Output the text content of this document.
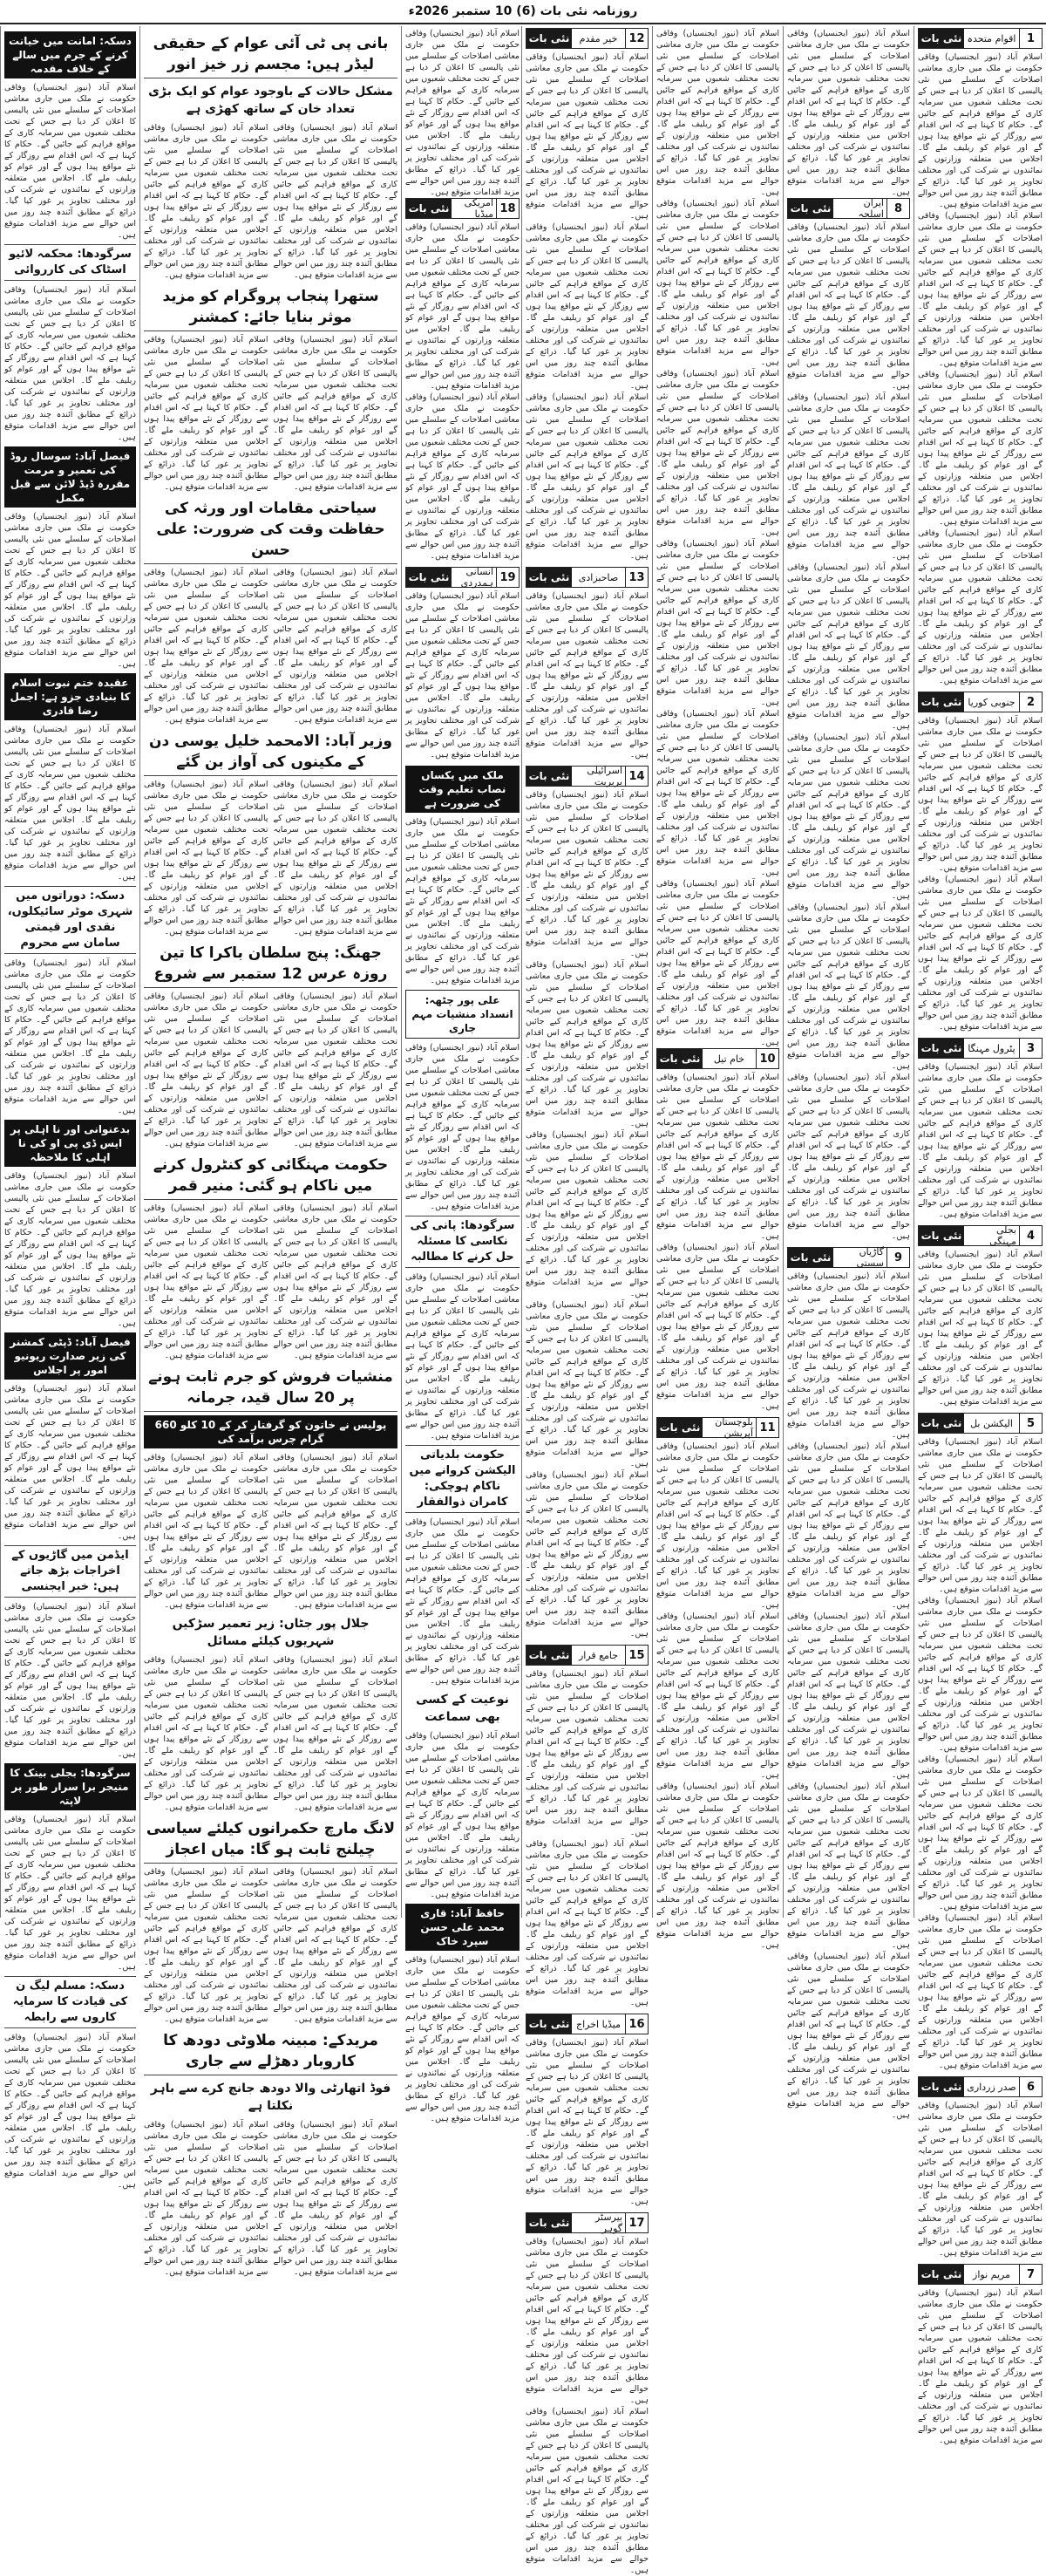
روزنامہ نئی بات (6) 10 ستمبر 2026ء
1
اقوام متحدہ
نئی بات
اسلام آباد (نیوز ایجنسیاں) وفاقی حکومت نے ملک میں جاری معاشی اصلاحات کے سلسلے میں نئی پالیسی کا اعلان کر دیا ہے جس کے تحت مختلف شعبوں میں سرمایہ کاری کے مواقع فراہم کیے جائیں گے۔ حکام کا کہنا ہے کہ اس اقدام سے روزگار کے نئے مواقع پیدا ہوں گے اور عوام کو ریلیف ملے گا۔ اجلاس میں متعلقہ وزارتوں کے نمائندوں نے شرکت کی اور مختلف تجاویز پر غور کیا گیا۔ ذرائع کے مطابق آئندہ چند روز میں اس حوالے سے مزید اقدامات متوقع ہیں۔
اسلام آباد (نیوز ایجنسیاں) وفاقی حکومت نے ملک میں جاری معاشی اصلاحات کے سلسلے میں نئی پالیسی کا اعلان کر دیا ہے جس کے تحت مختلف شعبوں میں سرمایہ کاری کے مواقع فراہم کیے جائیں گے۔ حکام کا کہنا ہے کہ اس اقدام سے روزگار کے نئے مواقع پیدا ہوں گے اور عوام کو ریلیف ملے گا۔ اجلاس میں متعلقہ وزارتوں کے نمائندوں نے شرکت کی اور مختلف تجاویز پر غور کیا گیا۔ ذرائع کے مطابق آئندہ چند روز میں اس حوالے سے مزید اقدامات متوقع ہیں۔
اسلام آباد (نیوز ایجنسیاں) وفاقی حکومت نے ملک میں جاری معاشی اصلاحات کے سلسلے میں نئی پالیسی کا اعلان کر دیا ہے جس کے تحت مختلف شعبوں میں سرمایہ کاری کے مواقع فراہم کیے جائیں گے۔ حکام کا کہنا ہے کہ اس اقدام سے روزگار کے نئے مواقع پیدا ہوں گے اور عوام کو ریلیف ملے گا۔ اجلاس میں متعلقہ وزارتوں کے نمائندوں نے شرکت کی اور مختلف تجاویز پر غور کیا گیا۔ ذرائع کے مطابق آئندہ چند روز میں اس حوالے سے مزید اقدامات متوقع ہیں۔
اسلام آباد (نیوز ایجنسیاں) وفاقی حکومت نے ملک میں جاری معاشی اصلاحات کے سلسلے میں نئی پالیسی کا اعلان کر دیا ہے جس کے تحت مختلف شعبوں میں سرمایہ کاری کے مواقع فراہم کیے جائیں گے۔ حکام کا کہنا ہے کہ اس اقدام سے روزگار کے نئے مواقع پیدا ہوں گے اور عوام کو ریلیف ملے گا۔ اجلاس میں متعلقہ وزارتوں کے نمائندوں نے شرکت کی اور مختلف تجاویز پر غور کیا گیا۔ ذرائع کے مطابق آئندہ چند روز میں اس حوالے سے مزید اقدامات متوقع ہیں۔
2
جنوبی کوریا
نئی بات
اسلام آباد (نیوز ایجنسیاں) وفاقی حکومت نے ملک میں جاری معاشی اصلاحات کے سلسلے میں نئی پالیسی کا اعلان کر دیا ہے جس کے تحت مختلف شعبوں میں سرمایہ کاری کے مواقع فراہم کیے جائیں گے۔ حکام کا کہنا ہے کہ اس اقدام سے روزگار کے نئے مواقع پیدا ہوں گے اور عوام کو ریلیف ملے گا۔ اجلاس میں متعلقہ وزارتوں کے نمائندوں نے شرکت کی اور مختلف تجاویز پر غور کیا گیا۔ ذرائع کے مطابق آئندہ چند روز میں اس حوالے سے مزید اقدامات متوقع ہیں۔
اسلام آباد (نیوز ایجنسیاں) وفاقی حکومت نے ملک میں جاری معاشی اصلاحات کے سلسلے میں نئی پالیسی کا اعلان کر دیا ہے جس کے تحت مختلف شعبوں میں سرمایہ کاری کے مواقع فراہم کیے جائیں گے۔ حکام کا کہنا ہے کہ اس اقدام سے روزگار کے نئے مواقع پیدا ہوں گے اور عوام کو ریلیف ملے گا۔ اجلاس میں متعلقہ وزارتوں کے نمائندوں نے شرکت کی اور مختلف تجاویز پر غور کیا گیا۔ ذرائع کے مطابق آئندہ چند روز میں اس حوالے سے مزید اقدامات متوقع ہیں۔
3
پٹرول مہنگا
نئی بات
اسلام آباد (نیوز ایجنسیاں) وفاقی حکومت نے ملک میں جاری معاشی اصلاحات کے سلسلے میں نئی پالیسی کا اعلان کر دیا ہے جس کے تحت مختلف شعبوں میں سرمایہ کاری کے مواقع فراہم کیے جائیں گے۔ حکام کا کہنا ہے کہ اس اقدام سے روزگار کے نئے مواقع پیدا ہوں گے اور عوام کو ریلیف ملے گا۔ اجلاس میں متعلقہ وزارتوں کے نمائندوں نے شرکت کی اور مختلف تجاویز پر غور کیا گیا۔ ذرائع کے مطابق آئندہ چند روز میں اس حوالے سے مزید اقدامات متوقع ہیں۔
4
بجلی مہنگی
نئی بات
اسلام آباد (نیوز ایجنسیاں) وفاقی حکومت نے ملک میں جاری معاشی اصلاحات کے سلسلے میں نئی پالیسی کا اعلان کر دیا ہے جس کے تحت مختلف شعبوں میں سرمایہ کاری کے مواقع فراہم کیے جائیں گے۔ حکام کا کہنا ہے کہ اس اقدام سے روزگار کے نئے مواقع پیدا ہوں گے اور عوام کو ریلیف ملے گا۔ اجلاس میں متعلقہ وزارتوں کے نمائندوں نے شرکت کی اور مختلف تجاویز پر غور کیا گیا۔ ذرائع کے مطابق آئندہ چند روز میں اس حوالے سے مزید اقدامات متوقع ہیں۔
5
الیکشن بل
نئی بات
اسلام آباد (نیوز ایجنسیاں) وفاقی حکومت نے ملک میں جاری معاشی اصلاحات کے سلسلے میں نئی پالیسی کا اعلان کر دیا ہے جس کے تحت مختلف شعبوں میں سرمایہ کاری کے مواقع فراہم کیے جائیں گے۔ حکام کا کہنا ہے کہ اس اقدام سے روزگار کے نئے مواقع پیدا ہوں گے اور عوام کو ریلیف ملے گا۔ اجلاس میں متعلقہ وزارتوں کے نمائندوں نے شرکت کی اور مختلف تجاویز پر غور کیا گیا۔ ذرائع کے مطابق آئندہ چند روز میں اس حوالے سے مزید اقدامات متوقع ہیں۔
اسلام آباد (نیوز ایجنسیاں) وفاقی حکومت نے ملک میں جاری معاشی اصلاحات کے سلسلے میں نئی پالیسی کا اعلان کر دیا ہے جس کے تحت مختلف شعبوں میں سرمایہ کاری کے مواقع فراہم کیے جائیں گے۔ حکام کا کہنا ہے کہ اس اقدام سے روزگار کے نئے مواقع پیدا ہوں گے اور عوام کو ریلیف ملے گا۔ اجلاس میں متعلقہ وزارتوں کے نمائندوں نے شرکت کی اور مختلف تجاویز پر غور کیا گیا۔ ذرائع کے مطابق آئندہ چند روز میں اس حوالے سے مزید اقدامات متوقع ہیں۔
اسلام آباد (نیوز ایجنسیاں) وفاقی حکومت نے ملک میں جاری معاشی اصلاحات کے سلسلے میں نئی پالیسی کا اعلان کر دیا ہے جس کے تحت مختلف شعبوں میں سرمایہ کاری کے مواقع فراہم کیے جائیں گے۔ حکام کا کہنا ہے کہ اس اقدام سے روزگار کے نئے مواقع پیدا ہوں گے اور عوام کو ریلیف ملے گا۔ اجلاس میں متعلقہ وزارتوں کے نمائندوں نے شرکت کی اور مختلف تجاویز پر غور کیا گیا۔ ذرائع کے مطابق آئندہ چند روز میں اس حوالے سے مزید اقدامات متوقع ہیں۔
اسلام آباد (نیوز ایجنسیاں) وفاقی حکومت نے ملک میں جاری معاشی اصلاحات کے سلسلے میں نئی پالیسی کا اعلان کر دیا ہے جس کے تحت مختلف شعبوں میں سرمایہ کاری کے مواقع فراہم کیے جائیں گے۔ حکام کا کہنا ہے کہ اس اقدام سے روزگار کے نئے مواقع پیدا ہوں گے اور عوام کو ریلیف ملے گا۔ اجلاس میں متعلقہ وزارتوں کے نمائندوں نے شرکت کی اور مختلف تجاویز پر غور کیا گیا۔ ذرائع کے مطابق آئندہ چند روز میں اس حوالے سے مزید اقدامات متوقع ہیں۔
6
صدر زرداری
نئی بات
اسلام آباد (نیوز ایجنسیاں) وفاقی حکومت نے ملک میں جاری معاشی اصلاحات کے سلسلے میں نئی پالیسی کا اعلان کر دیا ہے جس کے تحت مختلف شعبوں میں سرمایہ کاری کے مواقع فراہم کیے جائیں گے۔ حکام کا کہنا ہے کہ اس اقدام سے روزگار کے نئے مواقع پیدا ہوں گے اور عوام کو ریلیف ملے گا۔ اجلاس میں متعلقہ وزارتوں کے نمائندوں نے شرکت کی اور مختلف تجاویز پر غور کیا گیا۔ ذرائع کے مطابق آئندہ چند روز میں اس حوالے سے مزید اقدامات متوقع ہیں۔
7
مریم نواز
نئی بات
اسلام آباد (نیوز ایجنسیاں) وفاقی حکومت نے ملک میں جاری معاشی اصلاحات کے سلسلے میں نئی پالیسی کا اعلان کر دیا ہے جس کے تحت مختلف شعبوں میں سرمایہ کاری کے مواقع فراہم کیے جائیں گے۔ حکام کا کہنا ہے کہ اس اقدام سے روزگار کے نئے مواقع پیدا ہوں گے اور عوام کو ریلیف ملے گا۔ اجلاس میں متعلقہ وزارتوں کے نمائندوں نے شرکت کی اور مختلف تجاویز پر غور کیا گیا۔ ذرائع کے مطابق آئندہ چند روز میں اس حوالے سے مزید اقدامات متوقع ہیں۔
اسلام آباد (نیوز ایجنسیاں) وفاقی حکومت نے ملک میں جاری معاشی اصلاحات کے سلسلے میں نئی پالیسی کا اعلان کر دیا ہے جس کے تحت مختلف شعبوں میں سرمایہ کاری کے مواقع فراہم کیے جائیں گے۔ حکام کا کہنا ہے کہ اس اقدام سے روزگار کے نئے مواقع پیدا ہوں گے اور عوام کو ریلیف ملے گا۔ اجلاس میں متعلقہ وزارتوں کے نمائندوں نے شرکت کی اور مختلف تجاویز پر غور کیا گیا۔ ذرائع کے مطابق آئندہ چند روز میں اس حوالے سے مزید اقدامات متوقع ہیں۔
8
ایران اسلحہ
نئی بات
اسلام آباد (نیوز ایجنسیاں) وفاقی حکومت نے ملک میں جاری معاشی اصلاحات کے سلسلے میں نئی پالیسی کا اعلان کر دیا ہے جس کے تحت مختلف شعبوں میں سرمایہ کاری کے مواقع فراہم کیے جائیں گے۔ حکام کا کہنا ہے کہ اس اقدام سے روزگار کے نئے مواقع پیدا ہوں گے اور عوام کو ریلیف ملے گا۔ اجلاس میں متعلقہ وزارتوں کے نمائندوں نے شرکت کی اور مختلف تجاویز پر غور کیا گیا۔ ذرائع کے مطابق آئندہ چند روز میں اس حوالے سے مزید اقدامات متوقع ہیں۔
اسلام آباد (نیوز ایجنسیاں) وفاقی حکومت نے ملک میں جاری معاشی اصلاحات کے سلسلے میں نئی پالیسی کا اعلان کر دیا ہے جس کے تحت مختلف شعبوں میں سرمایہ کاری کے مواقع فراہم کیے جائیں گے۔ حکام کا کہنا ہے کہ اس اقدام سے روزگار کے نئے مواقع پیدا ہوں گے اور عوام کو ریلیف ملے گا۔ اجلاس میں متعلقہ وزارتوں کے نمائندوں نے شرکت کی اور مختلف تجاویز پر غور کیا گیا۔ ذرائع کے مطابق آئندہ چند روز میں اس حوالے سے مزید اقدامات متوقع ہیں۔
اسلام آباد (نیوز ایجنسیاں) وفاقی حکومت نے ملک میں جاری معاشی اصلاحات کے سلسلے میں نئی پالیسی کا اعلان کر دیا ہے جس کے تحت مختلف شعبوں میں سرمایہ کاری کے مواقع فراہم کیے جائیں گے۔ حکام کا کہنا ہے کہ اس اقدام سے روزگار کے نئے مواقع پیدا ہوں گے اور عوام کو ریلیف ملے گا۔ اجلاس میں متعلقہ وزارتوں کے نمائندوں نے شرکت کی اور مختلف تجاویز پر غور کیا گیا۔ ذرائع کے مطابق آئندہ چند روز میں اس حوالے سے مزید اقدامات متوقع ہیں۔
اسلام آباد (نیوز ایجنسیاں) وفاقی حکومت نے ملک میں جاری معاشی اصلاحات کے سلسلے میں نئی پالیسی کا اعلان کر دیا ہے جس کے تحت مختلف شعبوں میں سرمایہ کاری کے مواقع فراہم کیے جائیں گے۔ حکام کا کہنا ہے کہ اس اقدام سے روزگار کے نئے مواقع پیدا ہوں گے اور عوام کو ریلیف ملے گا۔ اجلاس میں متعلقہ وزارتوں کے نمائندوں نے شرکت کی اور مختلف تجاویز پر غور کیا گیا۔ ذرائع کے مطابق آئندہ چند روز میں اس حوالے سے مزید اقدامات متوقع ہیں۔
اسلام آباد (نیوز ایجنسیاں) وفاقی حکومت نے ملک میں جاری معاشی اصلاحات کے سلسلے میں نئی پالیسی کا اعلان کر دیا ہے جس کے تحت مختلف شعبوں میں سرمایہ کاری کے مواقع فراہم کیے جائیں گے۔ حکام کا کہنا ہے کہ اس اقدام سے روزگار کے نئے مواقع پیدا ہوں گے اور عوام کو ریلیف ملے گا۔ اجلاس میں متعلقہ وزارتوں کے نمائندوں نے شرکت کی اور مختلف تجاویز پر غور کیا گیا۔ ذرائع کے مطابق آئندہ چند روز میں اس حوالے سے مزید اقدامات متوقع ہیں۔
اسلام آباد (نیوز ایجنسیاں) وفاقی حکومت نے ملک میں جاری معاشی اصلاحات کے سلسلے میں نئی پالیسی کا اعلان کر دیا ہے جس کے تحت مختلف شعبوں میں سرمایہ کاری کے مواقع فراہم کیے جائیں گے۔ حکام کا کہنا ہے کہ اس اقدام سے روزگار کے نئے مواقع پیدا ہوں گے اور عوام کو ریلیف ملے گا۔ اجلاس میں متعلقہ وزارتوں کے نمائندوں نے شرکت کی اور مختلف تجاویز پر غور کیا گیا۔ ذرائع کے مطابق آئندہ چند روز میں اس حوالے سے مزید اقدامات متوقع ہیں۔
9
گاڑیاں سستی
نئی بات
اسلام آباد (نیوز ایجنسیاں) وفاقی حکومت نے ملک میں جاری معاشی اصلاحات کے سلسلے میں نئی پالیسی کا اعلان کر دیا ہے جس کے تحت مختلف شعبوں میں سرمایہ کاری کے مواقع فراہم کیے جائیں گے۔ حکام کا کہنا ہے کہ اس اقدام سے روزگار کے نئے مواقع پیدا ہوں گے اور عوام کو ریلیف ملے گا۔ اجلاس میں متعلقہ وزارتوں کے نمائندوں نے شرکت کی اور مختلف تجاویز پر غور کیا گیا۔ ذرائع کے مطابق آئندہ چند روز میں اس حوالے سے مزید اقدامات متوقع ہیں۔
اسلام آباد (نیوز ایجنسیاں) وفاقی حکومت نے ملک میں جاری معاشی اصلاحات کے سلسلے میں نئی پالیسی کا اعلان کر دیا ہے جس کے تحت مختلف شعبوں میں سرمایہ کاری کے مواقع فراہم کیے جائیں گے۔ حکام کا کہنا ہے کہ اس اقدام سے روزگار کے نئے مواقع پیدا ہوں گے اور عوام کو ریلیف ملے گا۔ اجلاس میں متعلقہ وزارتوں کے نمائندوں نے شرکت کی اور مختلف تجاویز پر غور کیا گیا۔ ذرائع کے مطابق آئندہ چند روز میں اس حوالے سے مزید اقدامات متوقع ہیں۔
اسلام آباد (نیوز ایجنسیاں) وفاقی حکومت نے ملک میں جاری معاشی اصلاحات کے سلسلے میں نئی پالیسی کا اعلان کر دیا ہے جس کے تحت مختلف شعبوں میں سرمایہ کاری کے مواقع فراہم کیے جائیں گے۔ حکام کا کہنا ہے کہ اس اقدام سے روزگار کے نئے مواقع پیدا ہوں گے اور عوام کو ریلیف ملے گا۔ اجلاس میں متعلقہ وزارتوں کے نمائندوں نے شرکت کی اور مختلف تجاویز پر غور کیا گیا۔ ذرائع کے مطابق آئندہ چند روز میں اس حوالے سے مزید اقدامات متوقع ہیں۔
اسلام آباد (نیوز ایجنسیاں) وفاقی حکومت نے ملک میں جاری معاشی اصلاحات کے سلسلے میں نئی پالیسی کا اعلان کر دیا ہے جس کے تحت مختلف شعبوں میں سرمایہ کاری کے مواقع فراہم کیے جائیں گے۔ حکام کا کہنا ہے کہ اس اقدام سے روزگار کے نئے مواقع پیدا ہوں گے اور عوام کو ریلیف ملے گا۔ اجلاس میں متعلقہ وزارتوں کے نمائندوں نے شرکت کی اور مختلف تجاویز پر غور کیا گیا۔ ذرائع کے مطابق آئندہ چند روز میں اس حوالے سے مزید اقدامات متوقع ہیں۔
اسلام آباد (نیوز ایجنسیاں) وفاقی حکومت نے ملک میں جاری معاشی اصلاحات کے سلسلے میں نئی پالیسی کا اعلان کر دیا ہے جس کے تحت مختلف شعبوں میں سرمایہ کاری کے مواقع فراہم کیے جائیں گے۔ حکام کا کہنا ہے کہ اس اقدام سے روزگار کے نئے مواقع پیدا ہوں گے اور عوام کو ریلیف ملے گا۔ اجلاس میں متعلقہ وزارتوں کے نمائندوں نے شرکت کی اور مختلف تجاویز پر غور کیا گیا۔ ذرائع کے مطابق آئندہ چند روز میں اس حوالے سے مزید اقدامات متوقع ہیں۔
اسلام آباد (نیوز ایجنسیاں) وفاقی حکومت نے ملک میں جاری معاشی اصلاحات کے سلسلے میں نئی پالیسی کا اعلان کر دیا ہے جس کے تحت مختلف شعبوں میں سرمایہ کاری کے مواقع فراہم کیے جائیں گے۔ حکام کا کہنا ہے کہ اس اقدام سے روزگار کے نئے مواقع پیدا ہوں گے اور عوام کو ریلیف ملے گا۔ اجلاس میں متعلقہ وزارتوں کے نمائندوں نے شرکت کی اور مختلف تجاویز پر غور کیا گیا۔ ذرائع کے مطابق آئندہ چند روز میں اس حوالے سے مزید اقدامات متوقع ہیں۔
اسلام آباد (نیوز ایجنسیاں) وفاقی حکومت نے ملک میں جاری معاشی اصلاحات کے سلسلے میں نئی پالیسی کا اعلان کر دیا ہے جس کے تحت مختلف شعبوں میں سرمایہ کاری کے مواقع فراہم کیے جائیں گے۔ حکام کا کہنا ہے کہ اس اقدام سے روزگار کے نئے مواقع پیدا ہوں گے اور عوام کو ریلیف ملے گا۔ اجلاس میں متعلقہ وزارتوں کے نمائندوں نے شرکت کی اور مختلف تجاویز پر غور کیا گیا۔ ذرائع کے مطابق آئندہ چند روز میں اس حوالے سے مزید اقدامات متوقع ہیں۔
اسلام آباد (نیوز ایجنسیاں) وفاقی حکومت نے ملک میں جاری معاشی اصلاحات کے سلسلے میں نئی پالیسی کا اعلان کر دیا ہے جس کے تحت مختلف شعبوں میں سرمایہ کاری کے مواقع فراہم کیے جائیں گے۔ حکام کا کہنا ہے کہ اس اقدام سے روزگار کے نئے مواقع پیدا ہوں گے اور عوام کو ریلیف ملے گا۔ اجلاس میں متعلقہ وزارتوں کے نمائندوں نے شرکت کی اور مختلف تجاویز پر غور کیا گیا۔ ذرائع کے مطابق آئندہ چند روز میں اس حوالے سے مزید اقدامات متوقع ہیں۔
اسلام آباد (نیوز ایجنسیاں) وفاقی حکومت نے ملک میں جاری معاشی اصلاحات کے سلسلے میں نئی پالیسی کا اعلان کر دیا ہے جس کے تحت مختلف شعبوں میں سرمایہ کاری کے مواقع فراہم کیے جائیں گے۔ حکام کا کہنا ہے کہ اس اقدام سے روزگار کے نئے مواقع پیدا ہوں گے اور عوام کو ریلیف ملے گا۔ اجلاس میں متعلقہ وزارتوں کے نمائندوں نے شرکت کی اور مختلف تجاویز پر غور کیا گیا۔ ذرائع کے مطابق آئندہ چند روز میں اس حوالے سے مزید اقدامات متوقع ہیں۔
اسلام آباد (نیوز ایجنسیاں) وفاقی حکومت نے ملک میں جاری معاشی اصلاحات کے سلسلے میں نئی پالیسی کا اعلان کر دیا ہے جس کے تحت مختلف شعبوں میں سرمایہ کاری کے مواقع فراہم کیے جائیں گے۔ حکام کا کہنا ہے کہ اس اقدام سے روزگار کے نئے مواقع پیدا ہوں گے اور عوام کو ریلیف ملے گا۔ اجلاس میں متعلقہ وزارتوں کے نمائندوں نے شرکت کی اور مختلف تجاویز پر غور کیا گیا۔ ذرائع کے مطابق آئندہ چند روز میں اس حوالے سے مزید اقدامات متوقع ہیں۔
اسلام آباد (نیوز ایجنسیاں) وفاقی حکومت نے ملک میں جاری معاشی اصلاحات کے سلسلے میں نئی پالیسی کا اعلان کر دیا ہے جس کے تحت مختلف شعبوں میں سرمایہ کاری کے مواقع فراہم کیے جائیں گے۔ حکام کا کہنا ہے کہ اس اقدام سے روزگار کے نئے مواقع پیدا ہوں گے اور عوام کو ریلیف ملے گا۔ اجلاس میں متعلقہ وزارتوں کے نمائندوں نے شرکت کی اور مختلف تجاویز پر غور کیا گیا۔ ذرائع کے مطابق آئندہ چند روز میں اس حوالے سے مزید اقدامات متوقع ہیں۔
10
خام تیل
نئی بات
اسلام آباد (نیوز ایجنسیاں) وفاقی حکومت نے ملک میں جاری معاشی اصلاحات کے سلسلے میں نئی پالیسی کا اعلان کر دیا ہے جس کے تحت مختلف شعبوں میں سرمایہ کاری کے مواقع فراہم کیے جائیں گے۔ حکام کا کہنا ہے کہ اس اقدام سے روزگار کے نئے مواقع پیدا ہوں گے اور عوام کو ریلیف ملے گا۔ اجلاس میں متعلقہ وزارتوں کے نمائندوں نے شرکت کی اور مختلف تجاویز پر غور کیا گیا۔ ذرائع کے مطابق آئندہ چند روز میں اس حوالے سے مزید اقدامات متوقع ہیں۔
اسلام آباد (نیوز ایجنسیاں) وفاقی حکومت نے ملک میں جاری معاشی اصلاحات کے سلسلے میں نئی پالیسی کا اعلان کر دیا ہے جس کے تحت مختلف شعبوں میں سرمایہ کاری کے مواقع فراہم کیے جائیں گے۔ حکام کا کہنا ہے کہ اس اقدام سے روزگار کے نئے مواقع پیدا ہوں گے اور عوام کو ریلیف ملے گا۔ اجلاس میں متعلقہ وزارتوں کے نمائندوں نے شرکت کی اور مختلف تجاویز پر غور کیا گیا۔ ذرائع کے مطابق آئندہ چند روز میں اس حوالے سے مزید اقدامات متوقع ہیں۔
11
بلوچستان آپریشن
نئی بات
اسلام آباد (نیوز ایجنسیاں) وفاقی حکومت نے ملک میں جاری معاشی اصلاحات کے سلسلے میں نئی پالیسی کا اعلان کر دیا ہے جس کے تحت مختلف شعبوں میں سرمایہ کاری کے مواقع فراہم کیے جائیں گے۔ حکام کا کہنا ہے کہ اس اقدام سے روزگار کے نئے مواقع پیدا ہوں گے اور عوام کو ریلیف ملے گا۔ اجلاس میں متعلقہ وزارتوں کے نمائندوں نے شرکت کی اور مختلف تجاویز پر غور کیا گیا۔ ذرائع کے مطابق آئندہ چند روز میں اس حوالے سے مزید اقدامات متوقع ہیں۔
اسلام آباد (نیوز ایجنسیاں) وفاقی حکومت نے ملک میں جاری معاشی اصلاحات کے سلسلے میں نئی پالیسی کا اعلان کر دیا ہے جس کے تحت مختلف شعبوں میں سرمایہ کاری کے مواقع فراہم کیے جائیں گے۔ حکام کا کہنا ہے کہ اس اقدام سے روزگار کے نئے مواقع پیدا ہوں گے اور عوام کو ریلیف ملے گا۔ اجلاس میں متعلقہ وزارتوں کے نمائندوں نے شرکت کی اور مختلف تجاویز پر غور کیا گیا۔ ذرائع کے مطابق آئندہ چند روز میں اس حوالے سے مزید اقدامات متوقع ہیں۔
اسلام آباد (نیوز ایجنسیاں) وفاقی حکومت نے ملک میں جاری معاشی اصلاحات کے سلسلے میں نئی پالیسی کا اعلان کر دیا ہے جس کے تحت مختلف شعبوں میں سرمایہ کاری کے مواقع فراہم کیے جائیں گے۔ حکام کا کہنا ہے کہ اس اقدام سے روزگار کے نئے مواقع پیدا ہوں گے اور عوام کو ریلیف ملے گا۔ اجلاس میں متعلقہ وزارتوں کے نمائندوں نے شرکت کی اور مختلف تجاویز پر غور کیا گیا۔ ذرائع کے مطابق آئندہ چند روز میں اس حوالے سے مزید اقدامات متوقع ہیں۔
12
خیر مقدم
نئی بات
اسلام آباد (نیوز ایجنسیاں) وفاقی حکومت نے ملک میں جاری معاشی اصلاحات کے سلسلے میں نئی پالیسی کا اعلان کر دیا ہے جس کے تحت مختلف شعبوں میں سرمایہ کاری کے مواقع فراہم کیے جائیں گے۔ حکام کا کہنا ہے کہ اس اقدام سے روزگار کے نئے مواقع پیدا ہوں گے اور عوام کو ریلیف ملے گا۔ اجلاس میں متعلقہ وزارتوں کے نمائندوں نے شرکت کی اور مختلف تجاویز پر غور کیا گیا۔ ذرائع کے مطابق آئندہ چند روز میں اس حوالے سے مزید اقدامات متوقع ہیں۔
اسلام آباد (نیوز ایجنسیاں) وفاقی حکومت نے ملک میں جاری معاشی اصلاحات کے سلسلے میں نئی پالیسی کا اعلان کر دیا ہے جس کے تحت مختلف شعبوں میں سرمایہ کاری کے مواقع فراہم کیے جائیں گے۔ حکام کا کہنا ہے کہ اس اقدام سے روزگار کے نئے مواقع پیدا ہوں گے اور عوام کو ریلیف ملے گا۔ اجلاس میں متعلقہ وزارتوں کے نمائندوں نے شرکت کی اور مختلف تجاویز پر غور کیا گیا۔ ذرائع کے مطابق آئندہ چند روز میں اس حوالے سے مزید اقدامات متوقع ہیں۔
اسلام آباد (نیوز ایجنسیاں) وفاقی حکومت نے ملک میں جاری معاشی اصلاحات کے سلسلے میں نئی پالیسی کا اعلان کر دیا ہے جس کے تحت مختلف شعبوں میں سرمایہ کاری کے مواقع فراہم کیے جائیں گے۔ حکام کا کہنا ہے کہ اس اقدام سے روزگار کے نئے مواقع پیدا ہوں گے اور عوام کو ریلیف ملے گا۔ اجلاس میں متعلقہ وزارتوں کے نمائندوں نے شرکت کی اور مختلف تجاویز پر غور کیا گیا۔ ذرائع کے مطابق آئندہ چند روز میں اس حوالے سے مزید اقدامات متوقع ہیں۔
13
صاحبزادی
نئی بات
اسلام آباد (نیوز ایجنسیاں) وفاقی حکومت نے ملک میں جاری معاشی اصلاحات کے سلسلے میں نئی پالیسی کا اعلان کر دیا ہے جس کے تحت مختلف شعبوں میں سرمایہ کاری کے مواقع فراہم کیے جائیں گے۔ حکام کا کہنا ہے کہ اس اقدام سے روزگار کے نئے مواقع پیدا ہوں گے اور عوام کو ریلیف ملے گا۔ اجلاس میں متعلقہ وزارتوں کے نمائندوں نے شرکت کی اور مختلف تجاویز پر غور کیا گیا۔ ذرائع کے مطابق آئندہ چند روز میں اس حوالے سے مزید اقدامات متوقع ہیں۔
14
اسرائیلی بربریت
نئی بات
اسلام آباد (نیوز ایجنسیاں) وفاقی حکومت نے ملک میں جاری معاشی اصلاحات کے سلسلے میں نئی پالیسی کا اعلان کر دیا ہے جس کے تحت مختلف شعبوں میں سرمایہ کاری کے مواقع فراہم کیے جائیں گے۔ حکام کا کہنا ہے کہ اس اقدام سے روزگار کے نئے مواقع پیدا ہوں گے اور عوام کو ریلیف ملے گا۔ اجلاس میں متعلقہ وزارتوں کے نمائندوں نے شرکت کی اور مختلف تجاویز پر غور کیا گیا۔ ذرائع کے مطابق آئندہ چند روز میں اس حوالے سے مزید اقدامات متوقع ہیں۔
اسلام آباد (نیوز ایجنسیاں) وفاقی حکومت نے ملک میں جاری معاشی اصلاحات کے سلسلے میں نئی پالیسی کا اعلان کر دیا ہے جس کے تحت مختلف شعبوں میں سرمایہ کاری کے مواقع فراہم کیے جائیں گے۔ حکام کا کہنا ہے کہ اس اقدام سے روزگار کے نئے مواقع پیدا ہوں گے اور عوام کو ریلیف ملے گا۔ اجلاس میں متعلقہ وزارتوں کے نمائندوں نے شرکت کی اور مختلف تجاویز پر غور کیا گیا۔ ذرائع کے مطابق آئندہ چند روز میں اس حوالے سے مزید اقدامات متوقع ہیں۔
اسلام آباد (نیوز ایجنسیاں) وفاقی حکومت نے ملک میں جاری معاشی اصلاحات کے سلسلے میں نئی پالیسی کا اعلان کر دیا ہے جس کے تحت مختلف شعبوں میں سرمایہ کاری کے مواقع فراہم کیے جائیں گے۔ حکام کا کہنا ہے کہ اس اقدام سے روزگار کے نئے مواقع پیدا ہوں گے اور عوام کو ریلیف ملے گا۔ اجلاس میں متعلقہ وزارتوں کے نمائندوں نے شرکت کی اور مختلف تجاویز پر غور کیا گیا۔ ذرائع کے مطابق آئندہ چند روز میں اس حوالے سے مزید اقدامات متوقع ہیں۔
اسلام آباد (نیوز ایجنسیاں) وفاقی حکومت نے ملک میں جاری معاشی اصلاحات کے سلسلے میں نئی پالیسی کا اعلان کر دیا ہے جس کے تحت مختلف شعبوں میں سرمایہ کاری کے مواقع فراہم کیے جائیں گے۔ حکام کا کہنا ہے کہ اس اقدام سے روزگار کے نئے مواقع پیدا ہوں گے اور عوام کو ریلیف ملے گا۔ اجلاس میں متعلقہ وزارتوں کے نمائندوں نے شرکت کی اور مختلف تجاویز پر غور کیا گیا۔ ذرائع کے مطابق آئندہ چند روز میں اس حوالے سے مزید اقدامات متوقع ہیں۔
اسلام آباد (نیوز ایجنسیاں) وفاقی حکومت نے ملک میں جاری معاشی اصلاحات کے سلسلے میں نئی پالیسی کا اعلان کر دیا ہے جس کے تحت مختلف شعبوں میں سرمایہ کاری کے مواقع فراہم کیے جائیں گے۔ حکام کا کہنا ہے کہ اس اقدام سے روزگار کے نئے مواقع پیدا ہوں گے اور عوام کو ریلیف ملے گا۔ اجلاس میں متعلقہ وزارتوں کے نمائندوں نے شرکت کی اور مختلف تجاویز پر غور کیا گیا۔ ذرائع کے مطابق آئندہ چند روز میں اس حوالے سے مزید اقدامات متوقع ہیں۔
15
جامع قرار
نئی بات
اسلام آباد (نیوز ایجنسیاں) وفاقی حکومت نے ملک میں جاری معاشی اصلاحات کے سلسلے میں نئی پالیسی کا اعلان کر دیا ہے جس کے تحت مختلف شعبوں میں سرمایہ کاری کے مواقع فراہم کیے جائیں گے۔ حکام کا کہنا ہے کہ اس اقدام سے روزگار کے نئے مواقع پیدا ہوں گے اور عوام کو ریلیف ملے گا۔ اجلاس میں متعلقہ وزارتوں کے نمائندوں نے شرکت کی اور مختلف تجاویز پر غور کیا گیا۔ ذرائع کے مطابق آئندہ چند روز میں اس حوالے سے مزید اقدامات متوقع ہیں۔
اسلام آباد (نیوز ایجنسیاں) وفاقی حکومت نے ملک میں جاری معاشی اصلاحات کے سلسلے میں نئی پالیسی کا اعلان کر دیا ہے جس کے تحت مختلف شعبوں میں سرمایہ کاری کے مواقع فراہم کیے جائیں گے۔ حکام کا کہنا ہے کہ اس اقدام سے روزگار کے نئے مواقع پیدا ہوں گے اور عوام کو ریلیف ملے گا۔ اجلاس میں متعلقہ وزارتوں کے نمائندوں نے شرکت کی اور مختلف تجاویز پر غور کیا گیا۔ ذرائع کے مطابق آئندہ چند روز میں اس حوالے سے مزید اقدامات متوقع ہیں۔
16
میڈیا اخراج
نئی بات
اسلام آباد (نیوز ایجنسیاں) وفاقی حکومت نے ملک میں جاری معاشی اصلاحات کے سلسلے میں نئی پالیسی کا اعلان کر دیا ہے جس کے تحت مختلف شعبوں میں سرمایہ کاری کے مواقع فراہم کیے جائیں گے۔ حکام کا کہنا ہے کہ اس اقدام سے روزگار کے نئے مواقع پیدا ہوں گے اور عوام کو ریلیف ملے گا۔ اجلاس میں متعلقہ وزارتوں کے نمائندوں نے شرکت کی اور مختلف تجاویز پر غور کیا گیا۔ ذرائع کے مطابق آئندہ چند روز میں اس حوالے سے مزید اقدامات متوقع ہیں۔
17
بیرسٹر گوہر
نئی بات
اسلام آباد (نیوز ایجنسیاں) وفاقی حکومت نے ملک میں جاری معاشی اصلاحات کے سلسلے میں نئی پالیسی کا اعلان کر دیا ہے جس کے تحت مختلف شعبوں میں سرمایہ کاری کے مواقع فراہم کیے جائیں گے۔ حکام کا کہنا ہے کہ اس اقدام سے روزگار کے نئے مواقع پیدا ہوں گے اور عوام کو ریلیف ملے گا۔ اجلاس میں متعلقہ وزارتوں کے نمائندوں نے شرکت کی اور مختلف تجاویز پر غور کیا گیا۔ ذرائع کے مطابق آئندہ چند روز میں اس حوالے سے مزید اقدامات متوقع ہیں۔
اسلام آباد (نیوز ایجنسیاں) وفاقی حکومت نے ملک میں جاری معاشی اصلاحات کے سلسلے میں نئی پالیسی کا اعلان کر دیا ہے جس کے تحت مختلف شعبوں میں سرمایہ کاری کے مواقع فراہم کیے جائیں گے۔ حکام کا کہنا ہے کہ اس اقدام سے روزگار کے نئے مواقع پیدا ہوں گے اور عوام کو ریلیف ملے گا۔ اجلاس میں متعلقہ وزارتوں کے نمائندوں نے شرکت کی اور مختلف تجاویز پر غور کیا گیا۔ ذرائع کے مطابق آئندہ چند روز میں اس حوالے سے مزید اقدامات متوقع ہیں۔
اسلام آباد (نیوز ایجنسیاں) وفاقی حکومت نے ملک میں جاری معاشی اصلاحات کے سلسلے میں نئی پالیسی کا اعلان کر دیا ہے جس کے تحت مختلف شعبوں میں سرمایہ کاری کے مواقع فراہم کیے جائیں گے۔ حکام کا کہنا ہے کہ اس اقدام سے روزگار کے نئے مواقع پیدا ہوں گے اور عوام کو ریلیف ملے گا۔ اجلاس میں متعلقہ وزارتوں کے نمائندوں نے شرکت کی اور مختلف تجاویز پر غور کیا گیا۔ ذرائع کے مطابق آئندہ چند روز میں اس حوالے سے مزید اقدامات متوقع ہیں۔
18
امریکی میڈیا
نئی بات
اسلام آباد (نیوز ایجنسیاں) وفاقی حکومت نے ملک میں جاری معاشی اصلاحات کے سلسلے میں نئی پالیسی کا اعلان کر دیا ہے جس کے تحت مختلف شعبوں میں سرمایہ کاری کے مواقع فراہم کیے جائیں گے۔ حکام کا کہنا ہے کہ اس اقدام سے روزگار کے نئے مواقع پیدا ہوں گے اور عوام کو ریلیف ملے گا۔ اجلاس میں متعلقہ وزارتوں کے نمائندوں نے شرکت کی اور مختلف تجاویز پر غور کیا گیا۔ ذرائع کے مطابق آئندہ چند روز میں اس حوالے سے مزید اقدامات متوقع ہیں۔
اسلام آباد (نیوز ایجنسیاں) وفاقی حکومت نے ملک میں جاری معاشی اصلاحات کے سلسلے میں نئی پالیسی کا اعلان کر دیا ہے جس کے تحت مختلف شعبوں میں سرمایہ کاری کے مواقع فراہم کیے جائیں گے۔ حکام کا کہنا ہے کہ اس اقدام سے روزگار کے نئے مواقع پیدا ہوں گے اور عوام کو ریلیف ملے گا۔ اجلاس میں متعلقہ وزارتوں کے نمائندوں نے شرکت کی اور مختلف تجاویز پر غور کیا گیا۔ ذرائع کے مطابق آئندہ چند روز میں اس حوالے سے مزید اقدامات متوقع ہیں۔
19
انسانی ہمدردی
نئی بات
اسلام آباد (نیوز ایجنسیاں) وفاقی حکومت نے ملک میں جاری معاشی اصلاحات کے سلسلے میں نئی پالیسی کا اعلان کر دیا ہے جس کے تحت مختلف شعبوں میں سرمایہ کاری کے مواقع فراہم کیے جائیں گے۔ حکام کا کہنا ہے کہ اس اقدام سے روزگار کے نئے مواقع پیدا ہوں گے اور عوام کو ریلیف ملے گا۔ اجلاس میں متعلقہ وزارتوں کے نمائندوں نے شرکت کی اور مختلف تجاویز پر غور کیا گیا۔ ذرائع کے مطابق آئندہ چند روز میں اس حوالے سے مزید اقدامات متوقع ہیں۔
ملک میں یکساں نصاب تعلیم وقت کی ضرورت ہے
اسلام آباد (نیوز ایجنسیاں) وفاقی حکومت نے ملک میں جاری معاشی اصلاحات کے سلسلے میں نئی پالیسی کا اعلان کر دیا ہے جس کے تحت مختلف شعبوں میں سرمایہ کاری کے مواقع فراہم کیے جائیں گے۔ حکام کا کہنا ہے کہ اس اقدام سے روزگار کے نئے مواقع پیدا ہوں گے اور عوام کو ریلیف ملے گا۔ اجلاس میں متعلقہ وزارتوں کے نمائندوں نے شرکت کی اور مختلف تجاویز پر غور کیا گیا۔ ذرائع کے مطابق آئندہ چند روز میں اس حوالے سے مزید اقدامات متوقع ہیں۔
علی پور چٹھہ: انسداد منشیات مہم جاری
اسلام آباد (نیوز ایجنسیاں) وفاقی حکومت نے ملک میں جاری معاشی اصلاحات کے سلسلے میں نئی پالیسی کا اعلان کر دیا ہے جس کے تحت مختلف شعبوں میں سرمایہ کاری کے مواقع فراہم کیے جائیں گے۔ حکام کا کہنا ہے کہ اس اقدام سے روزگار کے نئے مواقع پیدا ہوں گے اور عوام کو ریلیف ملے گا۔ اجلاس میں متعلقہ وزارتوں کے نمائندوں نے شرکت کی اور مختلف تجاویز پر غور کیا گیا۔ ذرائع کے مطابق آئندہ چند روز میں اس حوالے سے مزید اقدامات متوقع ہیں۔
سرگودھا: پانی کی نکاسی کا مسئلہ حل کرنے کا مطالبہ
اسلام آباد (نیوز ایجنسیاں) وفاقی حکومت نے ملک میں جاری معاشی اصلاحات کے سلسلے میں نئی پالیسی کا اعلان کر دیا ہے جس کے تحت مختلف شعبوں میں سرمایہ کاری کے مواقع فراہم کیے جائیں گے۔ حکام کا کہنا ہے کہ اس اقدام سے روزگار کے نئے مواقع پیدا ہوں گے اور عوام کو ریلیف ملے گا۔ اجلاس میں متعلقہ وزارتوں کے نمائندوں نے شرکت کی اور مختلف تجاویز پر غور کیا گیا۔ ذرائع کے مطابق آئندہ چند روز میں اس حوالے سے مزید اقدامات متوقع ہیں۔
حکومت بلدیاتی الیکشن کروانے میں ناکام ہوچکی: کامران ذوالفقار
اسلام آباد (نیوز ایجنسیاں) وفاقی حکومت نے ملک میں جاری معاشی اصلاحات کے سلسلے میں نئی پالیسی کا اعلان کر دیا ہے جس کے تحت مختلف شعبوں میں سرمایہ کاری کے مواقع فراہم کیے جائیں گے۔ حکام کا کہنا ہے کہ اس اقدام سے روزگار کے نئے مواقع پیدا ہوں گے اور عوام کو ریلیف ملے گا۔ اجلاس میں متعلقہ وزارتوں کے نمائندوں نے شرکت کی اور مختلف تجاویز پر غور کیا گیا۔ ذرائع کے مطابق آئندہ چند روز میں اس حوالے سے مزید اقدامات متوقع ہیں۔
نوعیت کے کسی بھی سماعت
اسلام آباد (نیوز ایجنسیاں) وفاقی حکومت نے ملک میں جاری معاشی اصلاحات کے سلسلے میں نئی پالیسی کا اعلان کر دیا ہے جس کے تحت مختلف شعبوں میں سرمایہ کاری کے مواقع فراہم کیے جائیں گے۔ حکام کا کہنا ہے کہ اس اقدام سے روزگار کے نئے مواقع پیدا ہوں گے اور عوام کو ریلیف ملے گا۔ اجلاس میں متعلقہ وزارتوں کے نمائندوں نے شرکت کی اور مختلف تجاویز پر غور کیا گیا۔ ذرائع کے مطابق آئندہ چند روز میں اس حوالے سے مزید اقدامات متوقع ہیں۔
حافظ آباد: قاری محمد علی حسن سپرد خاک
اسلام آباد (نیوز ایجنسیاں) وفاقی حکومت نے ملک میں جاری معاشی اصلاحات کے سلسلے میں نئی پالیسی کا اعلان کر دیا ہے جس کے تحت مختلف شعبوں میں سرمایہ کاری کے مواقع فراہم کیے جائیں گے۔ حکام کا کہنا ہے کہ اس اقدام سے روزگار کے نئے مواقع پیدا ہوں گے اور عوام کو ریلیف ملے گا۔ اجلاس میں متعلقہ وزارتوں کے نمائندوں نے شرکت کی اور مختلف تجاویز پر غور کیا گیا۔ ذرائع کے مطابق آئندہ چند روز میں اس حوالے سے مزید اقدامات متوقع ہیں۔
بانی پی ٹی آئی عوام کے حقیقی لیڈر ہیں: مجسم زر خیز انور
مشکل حالات کے باوجود عوام کو ایک بڑی تعداد خان کے ساتھ کھڑی ہے
اسلام آباد (نیوز ایجنسیاں) وفاقی حکومت نے ملک میں جاری معاشی اصلاحات کے سلسلے میں نئی پالیسی کا اعلان کر دیا ہے جس کے تحت مختلف شعبوں میں سرمایہ کاری کے مواقع فراہم کیے جائیں گے۔ حکام کا کہنا ہے کہ اس اقدام سے روزگار کے نئے مواقع پیدا ہوں گے اور عوام کو ریلیف ملے گا۔ اجلاس میں متعلقہ وزارتوں کے نمائندوں نے شرکت کی اور مختلف تجاویز پر غور کیا گیا۔ ذرائع کے مطابق آئندہ چند روز میں اس حوالے سے مزید اقدامات متوقع ہیں۔
اسلام آباد (نیوز ایجنسیاں) وفاقی حکومت نے ملک میں جاری معاشی اصلاحات کے سلسلے میں نئی پالیسی کا اعلان کر دیا ہے جس کے تحت مختلف شعبوں میں سرمایہ کاری کے مواقع فراہم کیے جائیں گے۔ حکام کا کہنا ہے کہ اس اقدام سے روزگار کے نئے مواقع پیدا ہوں گے اور عوام کو ریلیف ملے گا۔ اجلاس میں متعلقہ وزارتوں کے نمائندوں نے شرکت کی اور مختلف تجاویز پر غور کیا گیا۔ ذرائع کے مطابق آئندہ چند روز میں اس حوالے سے مزید اقدامات متوقع ہیں۔
ستھرا پنجاب پروگرام کو مزید موثر بنایا جائے: کمشنر
اسلام آباد (نیوز ایجنسیاں) وفاقی حکومت نے ملک میں جاری معاشی اصلاحات کے سلسلے میں نئی پالیسی کا اعلان کر دیا ہے جس کے تحت مختلف شعبوں میں سرمایہ کاری کے مواقع فراہم کیے جائیں گے۔ حکام کا کہنا ہے کہ اس اقدام سے روزگار کے نئے مواقع پیدا ہوں گے اور عوام کو ریلیف ملے گا۔ اجلاس میں متعلقہ وزارتوں کے نمائندوں نے شرکت کی اور مختلف تجاویز پر غور کیا گیا۔ ذرائع کے مطابق آئندہ چند روز میں اس حوالے سے مزید اقدامات متوقع ہیں۔
اسلام آباد (نیوز ایجنسیاں) وفاقی حکومت نے ملک میں جاری معاشی اصلاحات کے سلسلے میں نئی پالیسی کا اعلان کر دیا ہے جس کے تحت مختلف شعبوں میں سرمایہ کاری کے مواقع فراہم کیے جائیں گے۔ حکام کا کہنا ہے کہ اس اقدام سے روزگار کے نئے مواقع پیدا ہوں گے اور عوام کو ریلیف ملے گا۔ اجلاس میں متعلقہ وزارتوں کے نمائندوں نے شرکت کی اور مختلف تجاویز پر غور کیا گیا۔ ذرائع کے مطابق آئندہ چند روز میں اس حوالے سے مزید اقدامات متوقع ہیں۔
سیاحتی مقامات اور ورثہ کی حفاظت وقت کی ضرورت: علی حسن
اسلام آباد (نیوز ایجنسیاں) وفاقی حکومت نے ملک میں جاری معاشی اصلاحات کے سلسلے میں نئی پالیسی کا اعلان کر دیا ہے جس کے تحت مختلف شعبوں میں سرمایہ کاری کے مواقع فراہم کیے جائیں گے۔ حکام کا کہنا ہے کہ اس اقدام سے روزگار کے نئے مواقع پیدا ہوں گے اور عوام کو ریلیف ملے گا۔ اجلاس میں متعلقہ وزارتوں کے نمائندوں نے شرکت کی اور مختلف تجاویز پر غور کیا گیا۔ ذرائع کے مطابق آئندہ چند روز میں اس حوالے سے مزید اقدامات متوقع ہیں۔
اسلام آباد (نیوز ایجنسیاں) وفاقی حکومت نے ملک میں جاری معاشی اصلاحات کے سلسلے میں نئی پالیسی کا اعلان کر دیا ہے جس کے تحت مختلف شعبوں میں سرمایہ کاری کے مواقع فراہم کیے جائیں گے۔ حکام کا کہنا ہے کہ اس اقدام سے روزگار کے نئے مواقع پیدا ہوں گے اور عوام کو ریلیف ملے گا۔ اجلاس میں متعلقہ وزارتوں کے نمائندوں نے شرکت کی اور مختلف تجاویز پر غور کیا گیا۔ ذرائع کے مطابق آئندہ چند روز میں اس حوالے سے مزید اقدامات متوقع ہیں۔
وزیر آباد: الامحمد خلیل یوسی دن کے مکینوں کی آواز بن گئے
اسلام آباد (نیوز ایجنسیاں) وفاقی حکومت نے ملک میں جاری معاشی اصلاحات کے سلسلے میں نئی پالیسی کا اعلان کر دیا ہے جس کے تحت مختلف شعبوں میں سرمایہ کاری کے مواقع فراہم کیے جائیں گے۔ حکام کا کہنا ہے کہ اس اقدام سے روزگار کے نئے مواقع پیدا ہوں گے اور عوام کو ریلیف ملے گا۔ اجلاس میں متعلقہ وزارتوں کے نمائندوں نے شرکت کی اور مختلف تجاویز پر غور کیا گیا۔ ذرائع کے مطابق آئندہ چند روز میں اس حوالے سے مزید اقدامات متوقع ہیں۔
اسلام آباد (نیوز ایجنسیاں) وفاقی حکومت نے ملک میں جاری معاشی اصلاحات کے سلسلے میں نئی پالیسی کا اعلان کر دیا ہے جس کے تحت مختلف شعبوں میں سرمایہ کاری کے مواقع فراہم کیے جائیں گے۔ حکام کا کہنا ہے کہ اس اقدام سے روزگار کے نئے مواقع پیدا ہوں گے اور عوام کو ریلیف ملے گا۔ اجلاس میں متعلقہ وزارتوں کے نمائندوں نے شرکت کی اور مختلف تجاویز پر غور کیا گیا۔ ذرائع کے مطابق آئندہ چند روز میں اس حوالے سے مزید اقدامات متوقع ہیں۔
جھنگ: پنج سلطان باکرا کا تین روزہ عرس 12 ستمبر سے شروع
اسلام آباد (نیوز ایجنسیاں) وفاقی حکومت نے ملک میں جاری معاشی اصلاحات کے سلسلے میں نئی پالیسی کا اعلان کر دیا ہے جس کے تحت مختلف شعبوں میں سرمایہ کاری کے مواقع فراہم کیے جائیں گے۔ حکام کا کہنا ہے کہ اس اقدام سے روزگار کے نئے مواقع پیدا ہوں گے اور عوام کو ریلیف ملے گا۔ اجلاس میں متعلقہ وزارتوں کے نمائندوں نے شرکت کی اور مختلف تجاویز پر غور کیا گیا۔ ذرائع کے مطابق آئندہ چند روز میں اس حوالے سے مزید اقدامات متوقع ہیں۔
اسلام آباد (نیوز ایجنسیاں) وفاقی حکومت نے ملک میں جاری معاشی اصلاحات کے سلسلے میں نئی پالیسی کا اعلان کر دیا ہے جس کے تحت مختلف شعبوں میں سرمایہ کاری کے مواقع فراہم کیے جائیں گے۔ حکام کا کہنا ہے کہ اس اقدام سے روزگار کے نئے مواقع پیدا ہوں گے اور عوام کو ریلیف ملے گا۔ اجلاس میں متعلقہ وزارتوں کے نمائندوں نے شرکت کی اور مختلف تجاویز پر غور کیا گیا۔ ذرائع کے مطابق آئندہ چند روز میں اس حوالے سے مزید اقدامات متوقع ہیں۔
حکومت مہنگائی کو کنٹرول کرنے میں ناکام ہو گئی: منیر قمر
اسلام آباد (نیوز ایجنسیاں) وفاقی حکومت نے ملک میں جاری معاشی اصلاحات کے سلسلے میں نئی پالیسی کا اعلان کر دیا ہے جس کے تحت مختلف شعبوں میں سرمایہ کاری کے مواقع فراہم کیے جائیں گے۔ حکام کا کہنا ہے کہ اس اقدام سے روزگار کے نئے مواقع پیدا ہوں گے اور عوام کو ریلیف ملے گا۔ اجلاس میں متعلقہ وزارتوں کے نمائندوں نے شرکت کی اور مختلف تجاویز پر غور کیا گیا۔ ذرائع کے مطابق آئندہ چند روز میں اس حوالے سے مزید اقدامات متوقع ہیں۔
اسلام آباد (نیوز ایجنسیاں) وفاقی حکومت نے ملک میں جاری معاشی اصلاحات کے سلسلے میں نئی پالیسی کا اعلان کر دیا ہے جس کے تحت مختلف شعبوں میں سرمایہ کاری کے مواقع فراہم کیے جائیں گے۔ حکام کا کہنا ہے کہ اس اقدام سے روزگار کے نئے مواقع پیدا ہوں گے اور عوام کو ریلیف ملے گا۔ اجلاس میں متعلقہ وزارتوں کے نمائندوں نے شرکت کی اور مختلف تجاویز پر غور کیا گیا۔ ذرائع کے مطابق آئندہ چند روز میں اس حوالے سے مزید اقدامات متوقع ہیں۔
منشیات فروش کو جرم ثابت ہونے پر 20 سال قید، جرمانہ
پولیس نے خاتون کو گرفتار کر کے 10 کلو 660 گرام چرس برآمد کی
اسلام آباد (نیوز ایجنسیاں) وفاقی حکومت نے ملک میں جاری معاشی اصلاحات کے سلسلے میں نئی پالیسی کا اعلان کر دیا ہے جس کے تحت مختلف شعبوں میں سرمایہ کاری کے مواقع فراہم کیے جائیں گے۔ حکام کا کہنا ہے کہ اس اقدام سے روزگار کے نئے مواقع پیدا ہوں گے اور عوام کو ریلیف ملے گا۔ اجلاس میں متعلقہ وزارتوں کے نمائندوں نے شرکت کی اور مختلف تجاویز پر غور کیا گیا۔ ذرائع کے مطابق آئندہ چند روز میں اس حوالے سے مزید اقدامات متوقع ہیں۔
اسلام آباد (نیوز ایجنسیاں) وفاقی حکومت نے ملک میں جاری معاشی اصلاحات کے سلسلے میں نئی پالیسی کا اعلان کر دیا ہے جس کے تحت مختلف شعبوں میں سرمایہ کاری کے مواقع فراہم کیے جائیں گے۔ حکام کا کہنا ہے کہ اس اقدام سے روزگار کے نئے مواقع پیدا ہوں گے اور عوام کو ریلیف ملے گا۔ اجلاس میں متعلقہ وزارتوں کے نمائندوں نے شرکت کی اور مختلف تجاویز پر غور کیا گیا۔ ذرائع کے مطابق آئندہ چند روز میں اس حوالے سے مزید اقدامات متوقع ہیں۔
جلال پور جٹاں: زیر تعمیر سڑکیں شہریوں کیلئے مسائل
اسلام آباد (نیوز ایجنسیاں) وفاقی حکومت نے ملک میں جاری معاشی اصلاحات کے سلسلے میں نئی پالیسی کا اعلان کر دیا ہے جس کے تحت مختلف شعبوں میں سرمایہ کاری کے مواقع فراہم کیے جائیں گے۔ حکام کا کہنا ہے کہ اس اقدام سے روزگار کے نئے مواقع پیدا ہوں گے اور عوام کو ریلیف ملے گا۔ اجلاس میں متعلقہ وزارتوں کے نمائندوں نے شرکت کی اور مختلف تجاویز پر غور کیا گیا۔ ذرائع کے مطابق آئندہ چند روز میں اس حوالے سے مزید اقدامات متوقع ہیں۔
اسلام آباد (نیوز ایجنسیاں) وفاقی حکومت نے ملک میں جاری معاشی اصلاحات کے سلسلے میں نئی پالیسی کا اعلان کر دیا ہے جس کے تحت مختلف شعبوں میں سرمایہ کاری کے مواقع فراہم کیے جائیں گے۔ حکام کا کہنا ہے کہ اس اقدام سے روزگار کے نئے مواقع پیدا ہوں گے اور عوام کو ریلیف ملے گا۔ اجلاس میں متعلقہ وزارتوں کے نمائندوں نے شرکت کی اور مختلف تجاویز پر غور کیا گیا۔ ذرائع کے مطابق آئندہ چند روز میں اس حوالے سے مزید اقدامات متوقع ہیں۔
لانگ مارچ حکمرانوں کیلئے سیاسی چیلنج ثابت ہو گا: میاں اعجاز
اسلام آباد (نیوز ایجنسیاں) وفاقی حکومت نے ملک میں جاری معاشی اصلاحات کے سلسلے میں نئی پالیسی کا اعلان کر دیا ہے جس کے تحت مختلف شعبوں میں سرمایہ کاری کے مواقع فراہم کیے جائیں گے۔ حکام کا کہنا ہے کہ اس اقدام سے روزگار کے نئے مواقع پیدا ہوں گے اور عوام کو ریلیف ملے گا۔ اجلاس میں متعلقہ وزارتوں کے نمائندوں نے شرکت کی اور مختلف تجاویز پر غور کیا گیا۔ ذرائع کے مطابق آئندہ چند روز میں اس حوالے سے مزید اقدامات متوقع ہیں۔
اسلام آباد (نیوز ایجنسیاں) وفاقی حکومت نے ملک میں جاری معاشی اصلاحات کے سلسلے میں نئی پالیسی کا اعلان کر دیا ہے جس کے تحت مختلف شعبوں میں سرمایہ کاری کے مواقع فراہم کیے جائیں گے۔ حکام کا کہنا ہے کہ اس اقدام سے روزگار کے نئے مواقع پیدا ہوں گے اور عوام کو ریلیف ملے گا۔ اجلاس میں متعلقہ وزارتوں کے نمائندوں نے شرکت کی اور مختلف تجاویز پر غور کیا گیا۔ ذرائع کے مطابق آئندہ چند روز میں اس حوالے سے مزید اقدامات متوقع ہیں۔
مریدکے: مبینہ ملاوٹی دودھ کا کاروبار دھڑلے سے جاری
فوڈ اتھارٹی والا دودھ جانچ کرے سے باہر نکلتا ہے
اسلام آباد (نیوز ایجنسیاں) وفاقی حکومت نے ملک میں جاری معاشی اصلاحات کے سلسلے میں نئی پالیسی کا اعلان کر دیا ہے جس کے تحت مختلف شعبوں میں سرمایہ کاری کے مواقع فراہم کیے جائیں گے۔ حکام کا کہنا ہے کہ اس اقدام سے روزگار کے نئے مواقع پیدا ہوں گے اور عوام کو ریلیف ملے گا۔ اجلاس میں متعلقہ وزارتوں کے نمائندوں نے شرکت کی اور مختلف تجاویز پر غور کیا گیا۔ ذرائع کے مطابق آئندہ چند روز میں اس حوالے سے مزید اقدامات متوقع ہیں۔
اسلام آباد (نیوز ایجنسیاں) وفاقی حکومت نے ملک میں جاری معاشی اصلاحات کے سلسلے میں نئی پالیسی کا اعلان کر دیا ہے جس کے تحت مختلف شعبوں میں سرمایہ کاری کے مواقع فراہم کیے جائیں گے۔ حکام کا کہنا ہے کہ اس اقدام سے روزگار کے نئے مواقع پیدا ہوں گے اور عوام کو ریلیف ملے گا۔ اجلاس میں متعلقہ وزارتوں کے نمائندوں نے شرکت کی اور مختلف تجاویز پر غور کیا گیا۔ ذرائع کے مطابق آئندہ چند روز میں اس حوالے سے مزید اقدامات متوقع ہیں۔
دسکہ: امانت میں خیانت کرنے کے جرم میں سالے کے خلاف مقدمہ
اسلام آباد (نیوز ایجنسیاں) وفاقی حکومت نے ملک میں جاری معاشی اصلاحات کے سلسلے میں نئی پالیسی کا اعلان کر دیا ہے جس کے تحت مختلف شعبوں میں سرمایہ کاری کے مواقع فراہم کیے جائیں گے۔ حکام کا کہنا ہے کہ اس اقدام سے روزگار کے نئے مواقع پیدا ہوں گے اور عوام کو ریلیف ملے گا۔ اجلاس میں متعلقہ وزارتوں کے نمائندوں نے شرکت کی اور مختلف تجاویز پر غور کیا گیا۔ ذرائع کے مطابق آئندہ چند روز میں اس حوالے سے مزید اقدامات متوقع ہیں۔
سرگودھا: محکمہ لائیو اسٹاک کی کارروائی
اسلام آباد (نیوز ایجنسیاں) وفاقی حکومت نے ملک میں جاری معاشی اصلاحات کے سلسلے میں نئی پالیسی کا اعلان کر دیا ہے جس کے تحت مختلف شعبوں میں سرمایہ کاری کے مواقع فراہم کیے جائیں گے۔ حکام کا کہنا ہے کہ اس اقدام سے روزگار کے نئے مواقع پیدا ہوں گے اور عوام کو ریلیف ملے گا۔ اجلاس میں متعلقہ وزارتوں کے نمائندوں نے شرکت کی اور مختلف تجاویز پر غور کیا گیا۔ ذرائع کے مطابق آئندہ چند روز میں اس حوالے سے مزید اقدامات متوقع ہیں۔
فیصل آباد: سوسال روڈ کی تعمیر و مرمت مقررہ ڈیڈ لائن سے قبل مکمل
اسلام آباد (نیوز ایجنسیاں) وفاقی حکومت نے ملک میں جاری معاشی اصلاحات کے سلسلے میں نئی پالیسی کا اعلان کر دیا ہے جس کے تحت مختلف شعبوں میں سرمایہ کاری کے مواقع فراہم کیے جائیں گے۔ حکام کا کہنا ہے کہ اس اقدام سے روزگار کے نئے مواقع پیدا ہوں گے اور عوام کو ریلیف ملے گا۔ اجلاس میں متعلقہ وزارتوں کے نمائندوں نے شرکت کی اور مختلف تجاویز پر غور کیا گیا۔ ذرائع کے مطابق آئندہ چند روز میں اس حوالے سے مزید اقدامات متوقع ہیں۔
عقیدہ ختم نبوت اسلام کا بنیادی جزو ہے: اجمل رضا قادری
اسلام آباد (نیوز ایجنسیاں) وفاقی حکومت نے ملک میں جاری معاشی اصلاحات کے سلسلے میں نئی پالیسی کا اعلان کر دیا ہے جس کے تحت مختلف شعبوں میں سرمایہ کاری کے مواقع فراہم کیے جائیں گے۔ حکام کا کہنا ہے کہ اس اقدام سے روزگار کے نئے مواقع پیدا ہوں گے اور عوام کو ریلیف ملے گا۔ اجلاس میں متعلقہ وزارتوں کے نمائندوں نے شرکت کی اور مختلف تجاویز پر غور کیا گیا۔ ذرائع کے مطابق آئندہ چند روز میں اس حوالے سے مزید اقدامات متوقع ہیں۔
دسکہ: دوراتوں میں شہری موٹر سائیکلوں، نقدی اور قیمتی سامان سے محروم
اسلام آباد (نیوز ایجنسیاں) وفاقی حکومت نے ملک میں جاری معاشی اصلاحات کے سلسلے میں نئی پالیسی کا اعلان کر دیا ہے جس کے تحت مختلف شعبوں میں سرمایہ کاری کے مواقع فراہم کیے جائیں گے۔ حکام کا کہنا ہے کہ اس اقدام سے روزگار کے نئے مواقع پیدا ہوں گے اور عوام کو ریلیف ملے گا۔ اجلاس میں متعلقہ وزارتوں کے نمائندوں نے شرکت کی اور مختلف تجاویز پر غور کیا گیا۔ ذرائع کے مطابق آئندہ چند روز میں اس حوالے سے مزید اقدامات متوقع ہیں۔
بدعنوانی اور نا اہلی پر ایس ڈی پی او کی نا اہلی کا ملاحظہ
اسلام آباد (نیوز ایجنسیاں) وفاقی حکومت نے ملک میں جاری معاشی اصلاحات کے سلسلے میں نئی پالیسی کا اعلان کر دیا ہے جس کے تحت مختلف شعبوں میں سرمایہ کاری کے مواقع فراہم کیے جائیں گے۔ حکام کا کہنا ہے کہ اس اقدام سے روزگار کے نئے مواقع پیدا ہوں گے اور عوام کو ریلیف ملے گا۔ اجلاس میں متعلقہ وزارتوں کے نمائندوں نے شرکت کی اور مختلف تجاویز پر غور کیا گیا۔ ذرائع کے مطابق آئندہ چند روز میں اس حوالے سے مزید اقدامات متوقع ہیں۔
فیصل آباد: ڈپٹی کمشنر کی زیر صدارت ریونیو امور پر اجلاس
اسلام آباد (نیوز ایجنسیاں) وفاقی حکومت نے ملک میں جاری معاشی اصلاحات کے سلسلے میں نئی پالیسی کا اعلان کر دیا ہے جس کے تحت مختلف شعبوں میں سرمایہ کاری کے مواقع فراہم کیے جائیں گے۔ حکام کا کہنا ہے کہ اس اقدام سے روزگار کے نئے مواقع پیدا ہوں گے اور عوام کو ریلیف ملے گا۔ اجلاس میں متعلقہ وزارتوں کے نمائندوں نے شرکت کی اور مختلف تجاویز پر غور کیا گیا۔ ذرائع کے مطابق آئندہ چند روز میں اس حوالے سے مزید اقدامات متوقع ہیں۔
ایڈمن میں گاڑیوں کے اخراجات بڑھ جاتے ہیں: خبر ایجنسی
اسلام آباد (نیوز ایجنسیاں) وفاقی حکومت نے ملک میں جاری معاشی اصلاحات کے سلسلے میں نئی پالیسی کا اعلان کر دیا ہے جس کے تحت مختلف شعبوں میں سرمایہ کاری کے مواقع فراہم کیے جائیں گے۔ حکام کا کہنا ہے کہ اس اقدام سے روزگار کے نئے مواقع پیدا ہوں گے اور عوام کو ریلیف ملے گا۔ اجلاس میں متعلقہ وزارتوں کے نمائندوں نے شرکت کی اور مختلف تجاویز پر غور کیا گیا۔ ذرائع کے مطابق آئندہ چند روز میں اس حوالے سے مزید اقدامات متوقع ہیں۔
سرگودھا: بجلی بینک کا منیجر برا سرار طور پر لاپتہ
اسلام آباد (نیوز ایجنسیاں) وفاقی حکومت نے ملک میں جاری معاشی اصلاحات کے سلسلے میں نئی پالیسی کا اعلان کر دیا ہے جس کے تحت مختلف شعبوں میں سرمایہ کاری کے مواقع فراہم کیے جائیں گے۔ حکام کا کہنا ہے کہ اس اقدام سے روزگار کے نئے مواقع پیدا ہوں گے اور عوام کو ریلیف ملے گا۔ اجلاس میں متعلقہ وزارتوں کے نمائندوں نے شرکت کی اور مختلف تجاویز پر غور کیا گیا۔ ذرائع کے مطابق آئندہ چند روز میں اس حوالے سے مزید اقدامات متوقع ہیں۔
دسکہ: مسلم لیگ ن کی قیادت کا سرمایہ کاروں سے رابطہ
اسلام آباد (نیوز ایجنسیاں) وفاقی حکومت نے ملک میں جاری معاشی اصلاحات کے سلسلے میں نئی پالیسی کا اعلان کر دیا ہے جس کے تحت مختلف شعبوں میں سرمایہ کاری کے مواقع فراہم کیے جائیں گے۔ حکام کا کہنا ہے کہ اس اقدام سے روزگار کے نئے مواقع پیدا ہوں گے اور عوام کو ریلیف ملے گا۔ اجلاس میں متعلقہ وزارتوں کے نمائندوں نے شرکت کی اور مختلف تجاویز پر غور کیا گیا۔ ذرائع کے مطابق آئندہ چند روز میں اس حوالے سے مزید اقدامات متوقع ہیں۔
